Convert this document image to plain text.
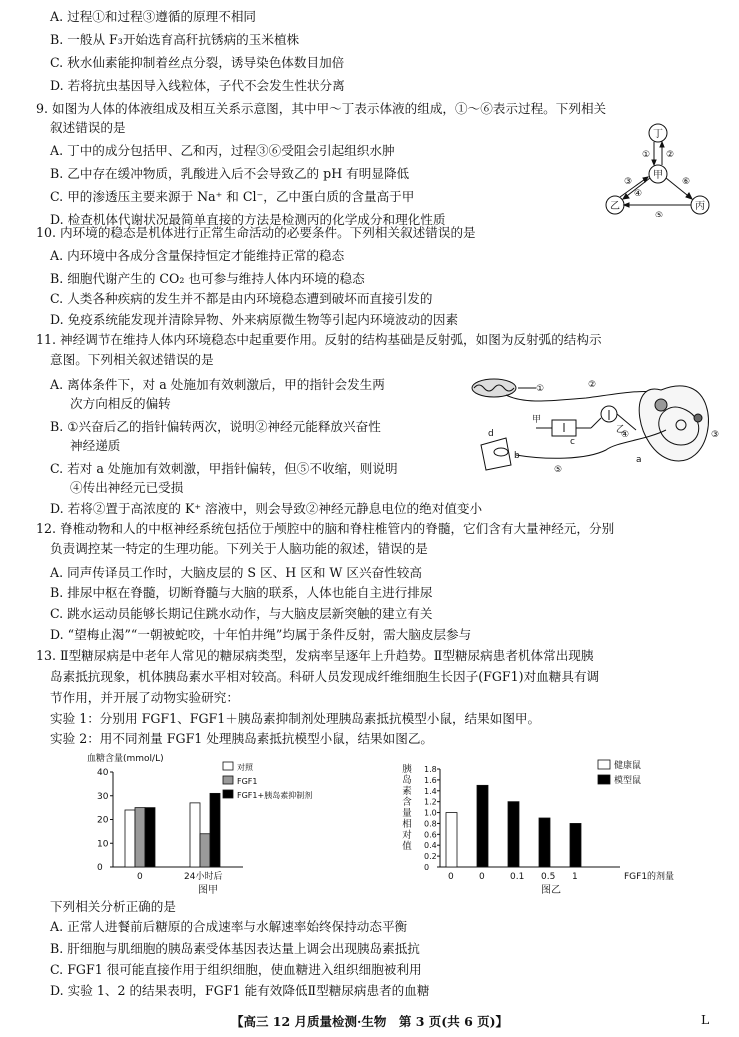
A. 过程①和过程③遵循的原理不相同
B. 一般从 F₃开始选育高秆抗锈病的玉米植株
C. 秋水仙素能抑制着丝点分裂，诱导染色体数目加倍
D. 若将抗虫基因导入线粒体，子代不会发生性状分离
9. 如图为人体的体液组成及相互关系示意图，其中甲～丁表示体液的组成，①～⑥表示过程。下列相关
叙述错误的是
A. 丁中的成分包括甲、乙和丙，过程③⑥受阻会引起组织水肿
B. 乙中存在缓冲物质，乳酸进入后不会导致乙的 pH 有明显降低
C. 甲的渗透压主要来源于 Na⁺ 和 Cl⁻，乙中蛋白质的含量高于甲
D. 检查机体代谢状况最简单直接的方法是检测丙的化学成分和理化性质
丁
甲
乙	丙
① ②
③
④
⑤
⑥
10. 内环境的稳态是机体进行正常生命活动的必要条件。下列相关叙述错误的是
A. 内环境中各成分含量保持恒定才能维持正常的稳态
B. 细胞代谢产生的 CO₂ 也可参与维持人体内环境的稳态
C. 人类各种疾病的发生并不都是由内环境稳态遭到破坏而直接引发的
D. 免疫系统能发现并清除异物、外来病原微生物等引起内环境波动的因素
11. 神经调节在维持人体内环境稳态中起重要作用。反射的结构基础是反射弧，如图为反射弧的结构示
意图。下列相关叙述错误的是
A. 离体条件下，对 a 处施加有效刺激后，甲的指针会发生两
次方向相反的偏转
B. ①兴奋后乙的指针偏转两次，说明②神经元能释放兴奋性
神经递质
C. 若对 a 处施加有效刺激，甲指针偏转，但⑤不收缩，则说明
④传出神经元已受损
D. 若将②置于高浓度的 K⁺ 溶液中，则会导致②神经元静息电位的绝对值变小
①	②
③
④
⑤
甲
乙
a
b
c
d
12. 脊椎动物和人的中枢神经系统包括位于颅腔中的脑和脊柱椎管内的脊髓，它们含有大量神经元，分别
负责调控某一特定的生理功能。下列关于人脑功能的叙述，错误的是
A. 同声传译员工作时，大脑皮层的 S 区、H 区和 W 区兴奋性较高
B. 排尿中枢在脊髓，切断脊髓与大脑的联系，人体也能自主进行排尿
C. 跳水运动员能够长期记住跳水动作，与大脑皮层新突触的建立有关
D. “望梅止渴”“一朝被蛇咬，十年怕井绳”均属于条件反射，需大脑皮层参与
13. Ⅱ型糖尿病是中老年人常见的糖尿病类型，发病率呈逐年上升趋势。Ⅱ型糖尿病患者机体常出现胰
岛素抵抗现象，机体胰岛素水平相对较高。科研人员发现成纤维细胞生长因子(FGF1)对血糖具有调
节作用，并开展了动物实验研究：
实验 1：分别用 FGF1、FGF1＋胰岛素抑制剂处理胰岛素抵抗模型小鼠，结果如图甲。
实验 2：用不同剂量 FGF1 处理胰岛素抵抗模型小鼠，结果如图乙。
血糖含量(mmol/L)
0
10
20
30
40
0	24小时后
对照
FGF1
FGF1+胰岛素抑制剂
图甲
0
0.2
0.4
0.6
0.8
1.0
1.2
1.4
1.6
1.8
0	0	0.1 0.5 1	FGF1的剂量
健康鼠
模型鼠
图乙
胰岛素含量相对值
下列相关分析正确的是
A. 正常人进餐前后糖原的合成速率与水解速率始终保持动态平衡
B. 肝细胞与肌细胞的胰岛素受体基因表达量上调会出现胰岛素抵抗
C. FGF1 很可能直接作用于组织细胞，使血糖进入组织细胞被利用
D. 实验 1、2 的结果表明，FGF1 能有效降低Ⅱ型糖尿病患者的血糖
【高三 12 月质量检测·生物　第 3 页(共 6 页)】	L
